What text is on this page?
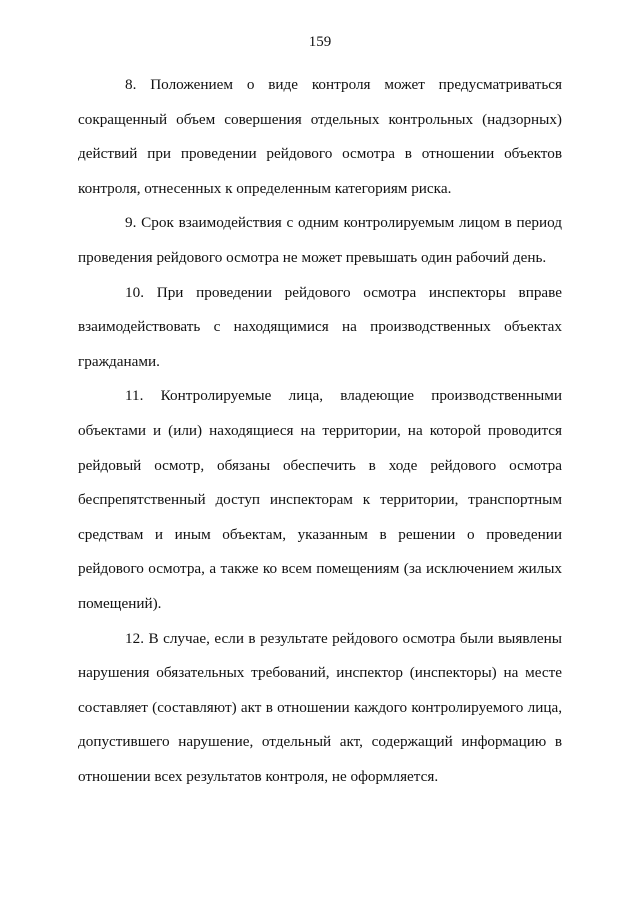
159

8. Положением о виде контроля может предусматриваться сокращенный объем совершения отдельных контрольных (надзорных) действий при проведении рейдового осмотра в отношении объектов контроля, отнесенных к определенным категориям риска.

9. Срок взаимодействия с одним контролируемым лицом в период проведения рейдового осмотра не может превышать один рабочий день.

10. При проведении рейдового осмотра инспекторы вправе взаимодействовать с находящимися на производственных объектах гражданами.

11. Контролируемые лица, владеющие производственными объектами и (или) находящиеся на территории, на которой проводится рейдовый осмотр, обязаны обеспечить в ходе рейдового осмотра беспрепятственный доступ инспекторам к территории, транспортным средствам и иным объектам, указанным в решении о проведении рейдового осмотра, а также ко всем помещениям (за исключением жилых помещений).

12. В случае, если в результате рейдового осмотра были выявлены нарушения обязательных требований, инспектор (инспекторы) на месте составляет (составляют) акт в отношении каждого контролируемого лица, допустившего нарушение, отдельный акт, содержащий информацию в отношении всех результатов контроля, не оформляется.
